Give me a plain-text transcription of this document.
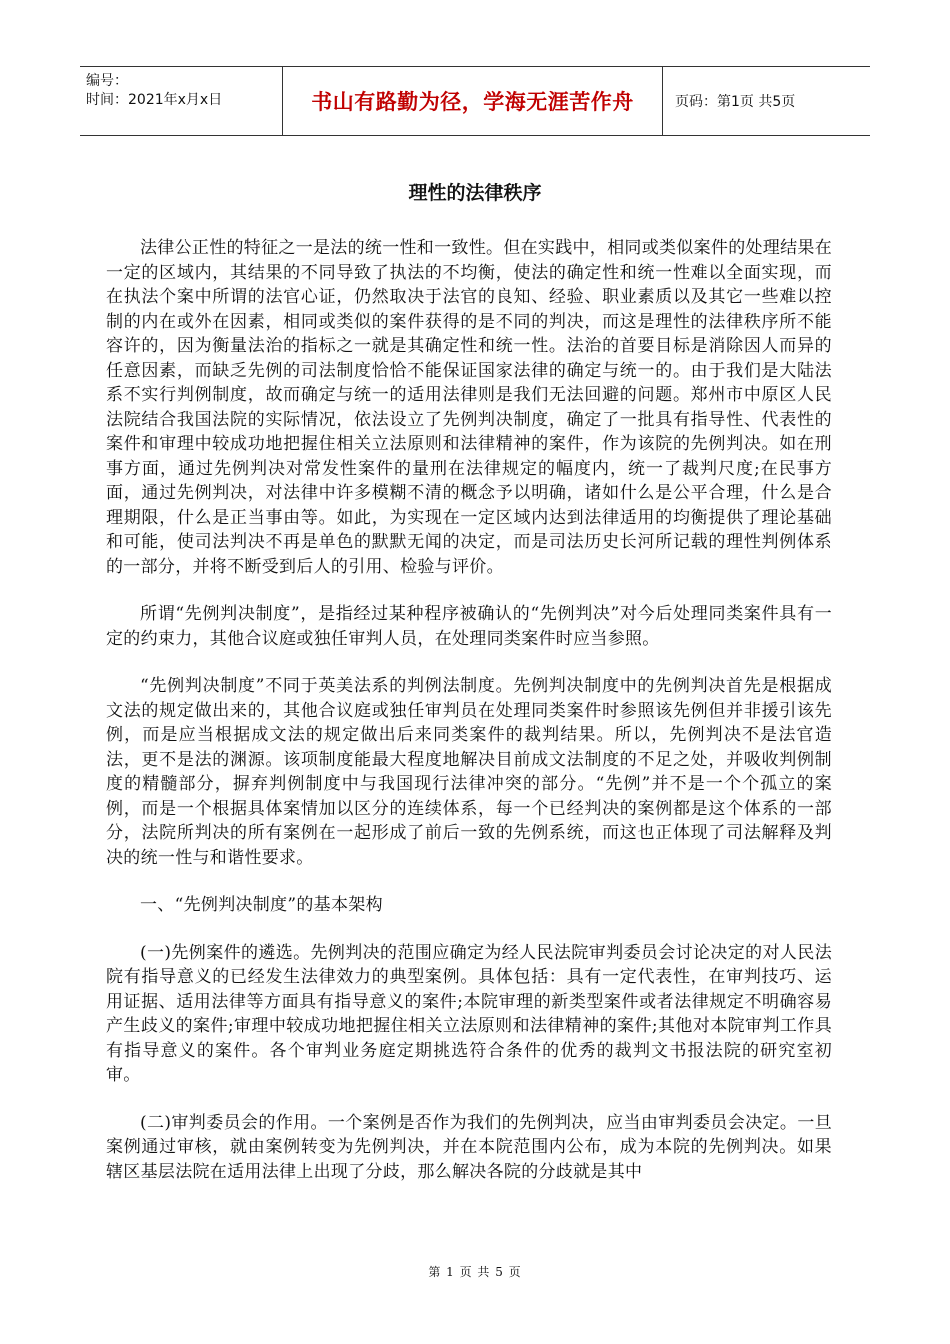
编号：
时间：2021年x月x日	书山有路勤为径，学海无涯苦作舟	页码：第1页 共5页
理性的法律秩序

法律公正性的特征之一是法的统一性和一致性。但在实践中，相同或类似案件的处理结果在一定的区域内，其结果的不同导致了执法的不均衡，使法的确定性和统一性难以全面实现，而在执法个案中所谓的法官心证，仍然取决于法官的良知、经验、职业素质以及其它一些难以控制的内在或外在因素，相同或类似的案件获得的是不同的判决，而这是理性的法律秩序所不能容许的，因为衡量法治的指标之一就是其确定性和统一性。法治的首要目标是消除因人而异的任意因素，而缺乏先例的司法制度恰恰不能保证国家法律的确定与统一的。由于我们是大陆法系不实行判例制度，故而确定与统一的适用法律则是我们无法回避的问题。郑州市中原区人民法院结合我国法院的实际情况，依法设立了先例判决制度，确定了一批具有指导性、代表性的案件和审理中较成功地把握住相关立法原则和法律精神的案件，作为该院的先例判决。如在刑事方面，通过先例判决对常发性案件的量刑在法律规定的幅度内，统一了裁判尺度;在民事方面，通过先例判决，对法律中许多模糊不清的概念予以明确，诸如什么是公平合理，什么是合理期限，什么是正当事由等。如此，为实现在一定区域内达到法律适用的均衡提供了理论基础和可能，使司法判决不再是单色的默默无闻的决定，而是司法历史长河所记载的理性判例体系的一部分，并将不断受到后人的引用、检验与评价。

所谓“先例判决制度”，是指经过某种程序被确认的“先例判决”对今后处理同类案件具有一定的约束力，其他合议庭或独任审判人员，在处理同类案件时应当参照。

“先例判决制度”不同于英美法系的判例法制度。先例判决制度中的先例判决首先是根据成文法的规定做出来的，其他合议庭或独任审判员在处理同类案件时参照该先例但并非援引该先例，而是应当根据成文法的规定做出后来同类案件的裁判结果。所以，先例判决不是法官造法，更不是法的渊源。该项制度能最大程度地解决目前成文法制度的不足之处，并吸收判例制度的精髓部分，摒弃判例制度中与我国现行法律冲突的部分。“先例”并不是一个个孤立的案例，而是一个根据具体案情加以区分的连续体系，每一个已经判决的案例都是这个体系的一部分，法院所判决的所有案例在一起形成了前后一致的先例系统，而这也正体现了司法解释及判决的统一性与和谐性要求。

一、“先例判决制度”的基本架构

(一)先例案件的遴选。先例判决的范围应确定为经人民法院审判委员会讨论决定的对人民法院有指导意义的已经发生法律效力的典型案例。具体包括：具有一定代表性，在审判技巧、运用证据、适用法律等方面具有指导意义的案件;本院审理的新类型案件或者法律规定不明确容易产生歧义的案件;审理中较成功地把握住相关立法原则和法律精神的案件;其他对本院审判工作具有指导意义的案件。各个审判业务庭定期挑选符合条件的优秀的裁判文书报法院的研究室初审。

(二)审判委员会的作用。一个案例是否作为我们的先例判决，应当由审判委员会决定。一旦案例通过审核，就由案例转变为先例判决，并在本院范围内公布，成为本院的先例判决。如果辖区基层法院在适用法律上出现了分歧，那么解决各院的分歧就是其中

第 1 页 共 5 页
